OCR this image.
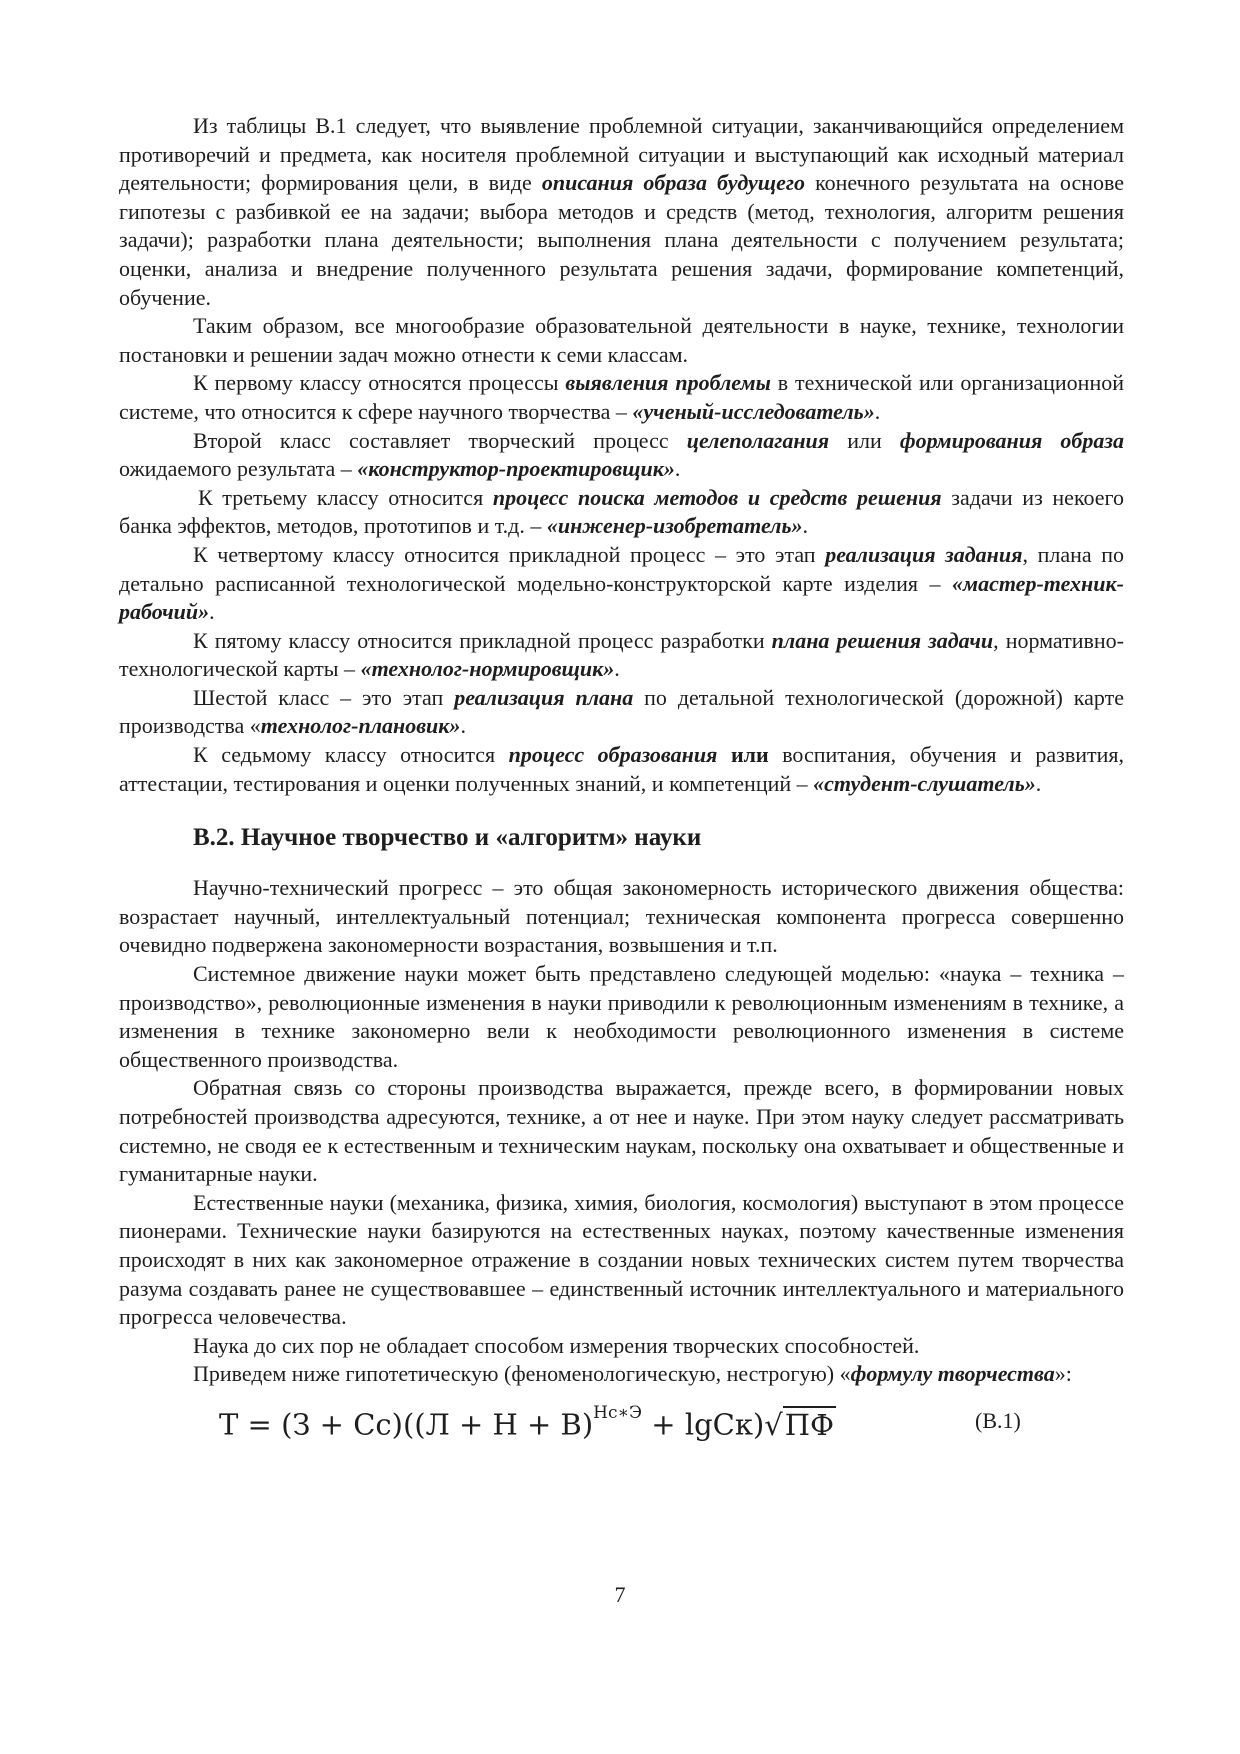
Из таблицы В.1 следует, что выявление проблемной ситуации, заканчивающийся определением противоречий и предмета, как носителя проблемной ситуации и выступающий как исходный материал деятельности; формирования цели, в виде описания образа будущего конечного результата на основе гипотезы с разбивкой ее на задачи; выбора методов и средств (метод, технология, алгоритм решения задачи); разработки плана деятельности; выполнения плана деятельности с получением результата; оценки, анализа и внедрение полученного результата решения задачи, формирование компетенций, обучение.

Таким образом, все многообразие образовательной деятельности в науке, технике, технологии постановки и решении задач можно отнести к семи классам.

К первому классу относятся процессы выявления проблемы в технической или организационной системе, что относится к сфере научного творчества – «ученый-исследователь».

Второй класс составляет творческий процесс целеполагания или формирования образа ожидаемого результата – «конструктор-проектировщик».

К третьему классу относится процесс поиска методов и средств решения задачи из некоего банка эффектов, методов, прототипов и т.д. – «инженер-изобретатель».

К четвертому классу относится прикладной процесс – это этап реализация задания, плана по детально расписанной технологической модельно-конструкторской карте изделия – «мастер-техник-рабочий».

К пятому классу относится прикладной процесс разработки плана решения задачи, нормативно-технологической карты – «технолог-нормировщик».

Шестой класс – это этап реализация плана по детальной технологической (дорожной) карте производства «технолог-плановик».

К седьмому классу относится процесс образования или воспитания, обучения и развития, аттестации, тестирования и оценки полученных знаний, и компетенций – «студент-слушатель».

В.2. Научное творчество и «алгоритм» науки

Научно-технический прогресс – это общая закономерность исторического движения общества: возрастает научный, интеллектуальный потенциал; техническая компонента прогресса совершенно очевидно подвержена закономерности возрастания, возвышения и т.п.

Системное движение науки может быть представлено следующей моделью: «наука – техника – производство», революционные изменения в науки приводили к революционным изменениям в технике, а изменения в технике закономерно вели к необходимости революционного изменения в системе общественного производства.

Обратная связь со стороны производства выражается, прежде всего, в формировании новых потребностей производства адресуются, технике, а от нее и науке. При этом науку следует рассматривать системно, не сводя ее к естественным и техническим наукам, поскольку она охватывает и общественные и гуманитарные науки.

Естественные науки (механика, физика, химия, биология, космология) выступают в этом процессе пионерами. Технические науки базируются на естественных науках, поэтому качественные изменения происходят в них как закономерное отражение в создании новых технических систем путем творчества разума создавать ранее не существовавшее – единственный источник интеллектуального и материального прогресса человечества.

Наука до сих пор не обладает способом измерения творческих способностей.

Приведем ниже гипотетическую (феноменологическую, нестрогую) «формулу творчества»:

$Т = (З + Сс)((Л + Н + В)^{Нс∗Э} + \lg Ск)√ПФ$	(В.1)
7
